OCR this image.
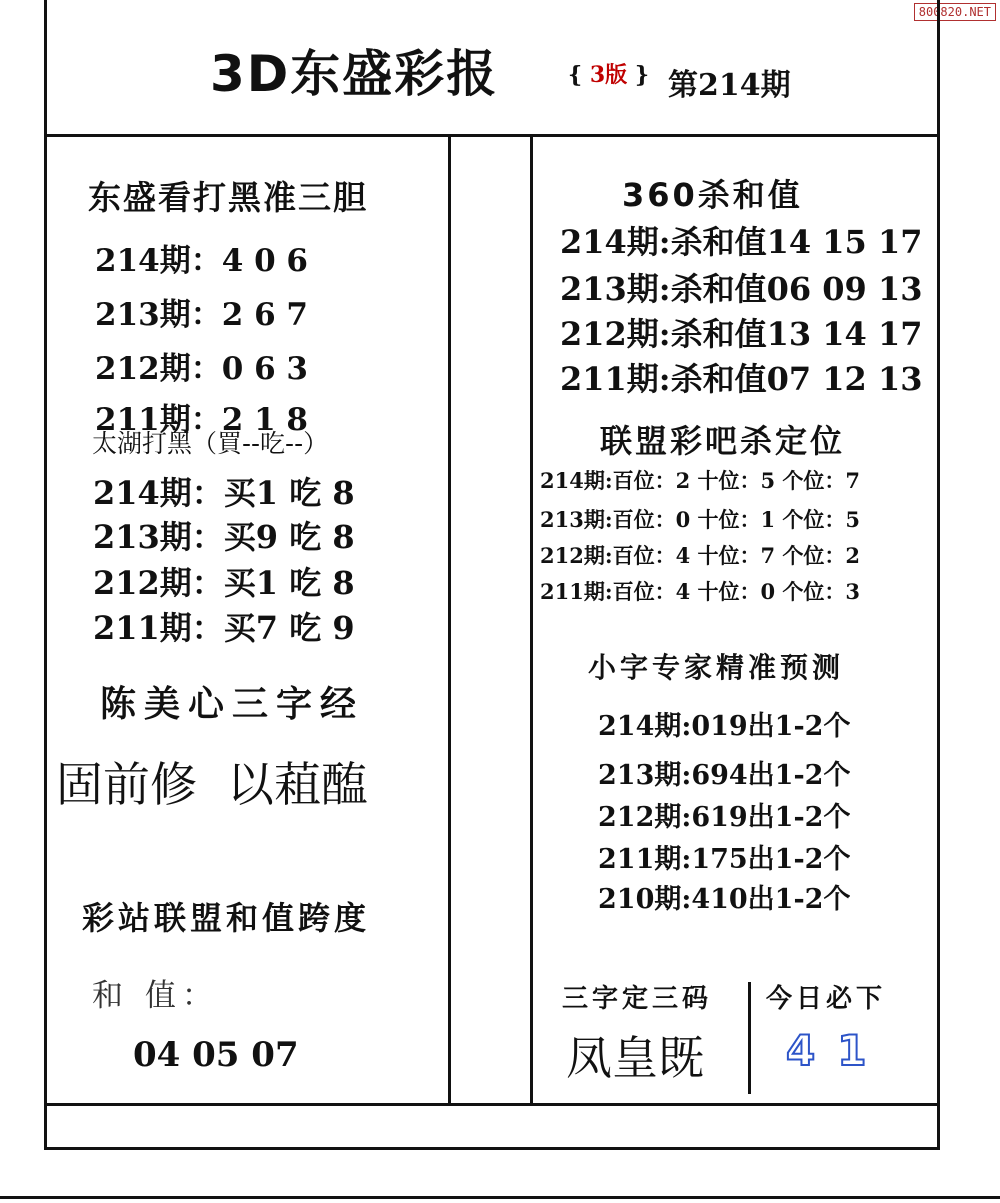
800820.NET
3D东盛彩报	{ 3版 } 第214期
东盛看打黑准三胆
214期：4 0 6
213期：2 6 7
212期：0 6 3
211期：2 1 8
太湖打黑（買--吃--）
214期：买1 吃 8
213期：买9 吃 8
212期：买1 吃 8
211期：买7 吃 9
陈美心三字经
固前修  以蒩醢
彩站联盟和值跨度
和 值：
04 05 07
360杀和值
214期:杀和值14 15 17
213期:杀和值06 09 13
212期:杀和值13 14 17
211期:杀和值07 12 13
联盟彩吧杀定位
214期:百位：2 十位：5 个位：7
213期:百位：0 十位：1 个位：5
212期:百位：4 十位：7 个位：2
211期:百位：4 十位：0 个位：3
小字专家精准预测
214期:019出1-2个
213期:694出1-2个
212期:619出1-2个
211期:175出1-2个
210期:410出1-2个
三字定三码
凤皇既
今日必下
41
